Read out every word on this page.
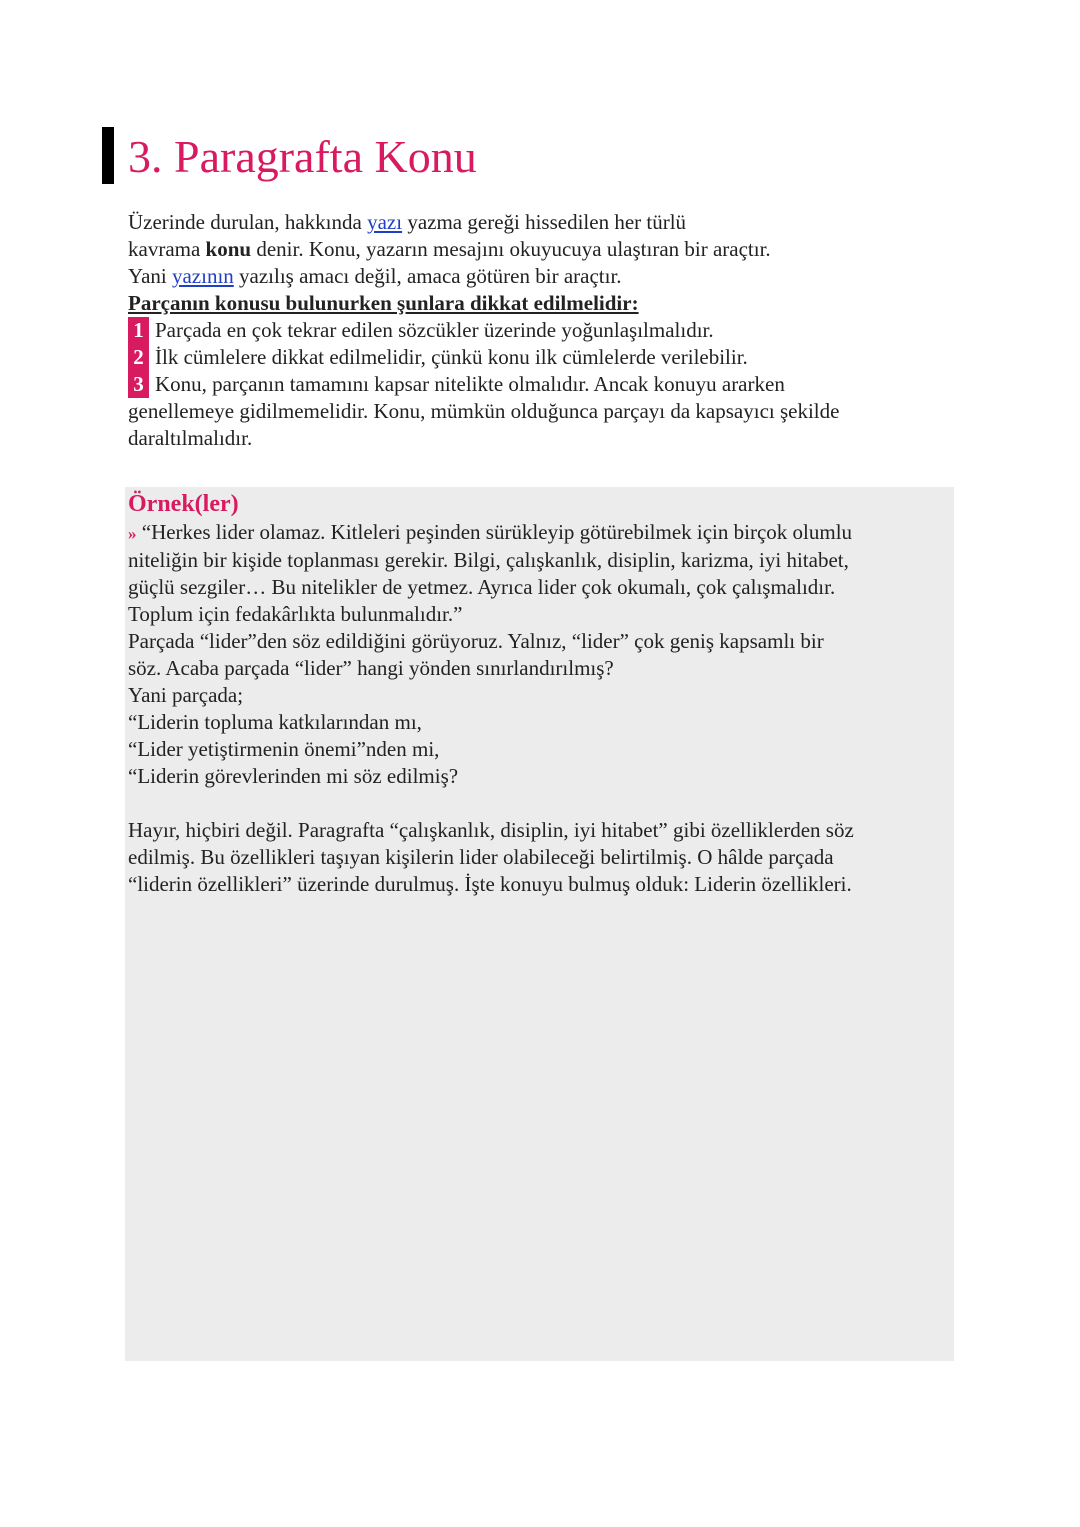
3. Paragrafta Konu
Üzerinde durulan, hakkında yazı yazma gereği hissedilen her türlü
kavrama konu denir. Konu, yazarın mesajını okuyucuya ulaştıran bir araçtır.
Yani yazının yazılış amacı değil, amaca götüren bir araçtır.
Parçanın konusu bulunurken şunlara dikkat edilmelidir:
1 Parçada en çok tekrar edilen sözcükler üzerinde yoğunlaşılmalıdır.
2 İlk cümlelere dikkat edilmelidir, çünkü konu ilk cümlelerde verilebilir.
3 Konu, parçanın tamamını kapsar nitelikte olmalıdır. Ancak konuyu ararken
genellemeye gidilmemelidir. Konu, mümkün olduğunca parçayı da kapsayıcı şekilde
daraltılmalıdır.
Örnek(ler)
» “Herkes lider olamaz. Kitleleri peşinden sürükleyip götürebilmek için birçok olumlu
niteliğin bir kişide toplanması gerekir. Bilgi, çalışkanlık, disiplin, karizma, iyi hitabet,
güçlü sezgiler… Bu nitelikler de yetmez. Ayrıca lider çok okumalı, çok çalışmalıdır.
Toplum için fedakârlıkta bulunmalıdır.”
Parçada “lider”den söz edildiğini görüyoruz. Yalnız, “lider” çok geniş kapsamlı bir
söz. Acaba parçada “lider” hangi yönden sınırlandırılmış?
Yani parçada;
“Liderin topluma katkılarından mı,
“Lider yetiştirmenin önemi”nden mi,
“Liderin görevlerinden mi söz edilmiş?
Hayır, hiçbiri değil. Paragrafta “çalışkanlık, disiplin, iyi hitabet” gibi özelliklerden söz
edilmiş. Bu özellikleri taşıyan kişilerin lider olabileceği belirtilmiş. O hâlde parçada
“liderin özellikleri” üzerinde durulmuş. İşte konuyu bulmuş olduk: Liderin özellikleri.
